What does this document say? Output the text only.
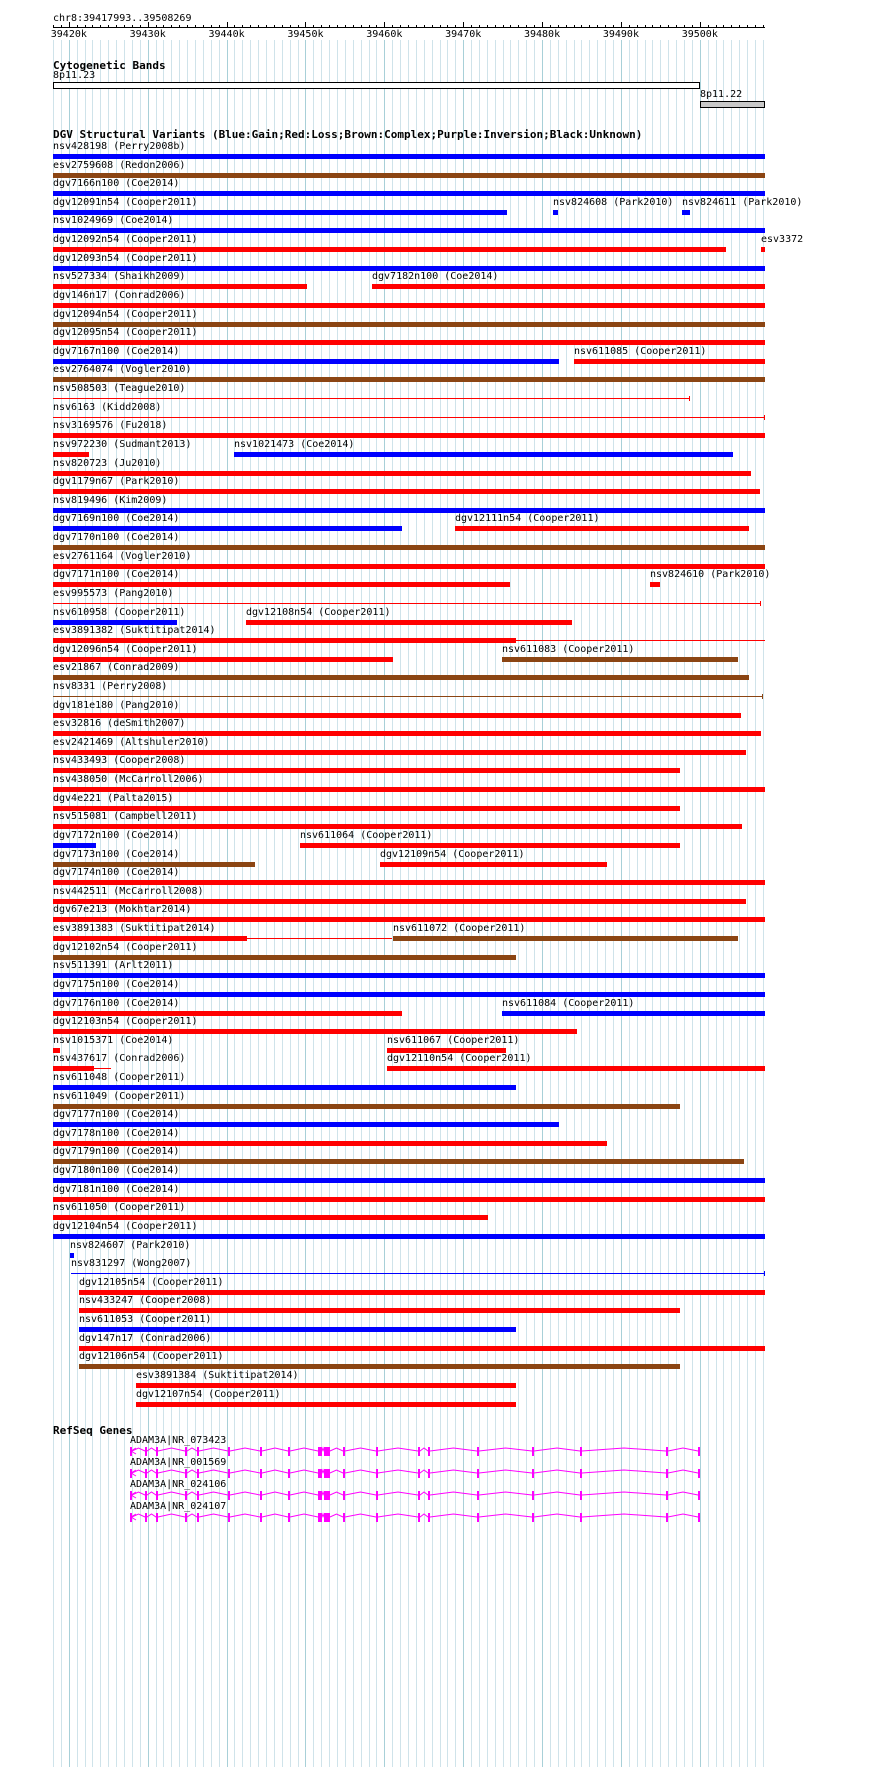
chr8:39417993..39508269
Cytogenetic Bands
DGV Structural Variants (Blue:Gain;Red:Loss;Brown:Complex;Purple:Inversion;Black:Unknown)
RefSeq Genes
39420k	39430k	39440k	39450k	39460k	39470k	39480k	39490k	39500k
8p11.23
8p11.22
nsv428198 (Perry2008b)
esv2759608 (Redon2006)
dgv7166n100 (Coe2014)
dgv12091n54 (Cooper2011)	nsv824608 (Park2010) nsv824611 (Park2010)
nsv1024969 (Coe2014)
dgv12092n54 (Cooper2011)	esv3372
dgv12093n54 (Cooper2011)
nsv527334 (Shaikh2009)	dgv7182n100 (Coe2014)
dgv146n17 (Conrad2006)
dgv12094n54 (Cooper2011)
dgv12095n54 (Cooper2011)
dgv7167n100 (Coe2014)	nsv611085 (Cooper2011)
esv2764074 (Vogler2010)
nsv508503 (Teague2010)
nsv6163 (Kidd2008)
nsv3169576 (Fu2018)
nsv972230 (Sudmant2013)	nsv1021473 (Coe2014)
nsv820723 (Ju2010)
dgv1179n67 (Park2010)
nsv819496 (Kim2009)
dgv7169n100 (Coe2014)	dgv12111n54 (Cooper2011)
dgv7170n100 (Coe2014)
esv2761164 (Vogler2010)
dgv7171n100 (Coe2014)	nsv824610 (Park2010)
esv995573 (Pang2010)
nsv610958 (Cooper2011)	dgv12108n54 (Cooper2011)
esv3891382 (Suktitipat2014)
dgv12096n54 (Cooper2011)	nsv611083 (Cooper2011)
esv21867 (Conrad2009)
nsv8331 (Perry2008)
dgv181e180 (Pang2010)
esv32816 (deSmith2007)
esv2421469 (Altshuler2010)
nsv433493 (Cooper2008)
nsv438050 (McCarroll2006)
dgv4e221 (Palta2015)
nsv515081 (Campbell2011)
dgv7172n100 (Coe2014)	nsv611064 (Cooper2011)
dgv7173n100 (Coe2014)	dgv12109n54 (Cooper2011)
dgv7174n100 (Coe2014)
nsv442511 (McCarroll2008)
dgv67e213 (Mokhtar2014)
esv3891383 (Suktitipat2014)	nsv611072 (Cooper2011)
dgv12102n54 (Cooper2011)
nsv511391 (Arlt2011)
dgv7175n100 (Coe2014)
dgv7176n100 (Coe2014)	nsv611084 (Cooper2011)
dgv12103n54 (Cooper2011)
nsv1015371 (Coe2014)	nsv611067 (Cooper2011)
nsv437617 (Conrad2006)	dgv12110n54 (Cooper2011)
nsv611048 (Cooper2011)
nsv611049 (Cooper2011)
dgv7177n100 (Coe2014)
dgv7178n100 (Coe2014)
dgv7179n100 (Coe2014)
dgv7180n100 (Coe2014)
dgv7181n100 (Coe2014)
nsv611050 (Cooper2011)
dgv12104n54 (Cooper2011)
nsv824607 (Park2010)
nsv831297 (Wong2007)
dgv12105n54 (Cooper2011)
nsv433247 (Cooper2008)
nsv611053 (Cooper2011)
dgv147n17 (Conrad2006)
dgv12106n54 (Cooper2011)
esv3891384 (Suktitipat2014)
dgv12107n54 (Cooper2011)
ADAM3A|NR_073423
ADAM3A|NR_001569
ADAM3A|NR_024106
ADAM3A|NR_024107
